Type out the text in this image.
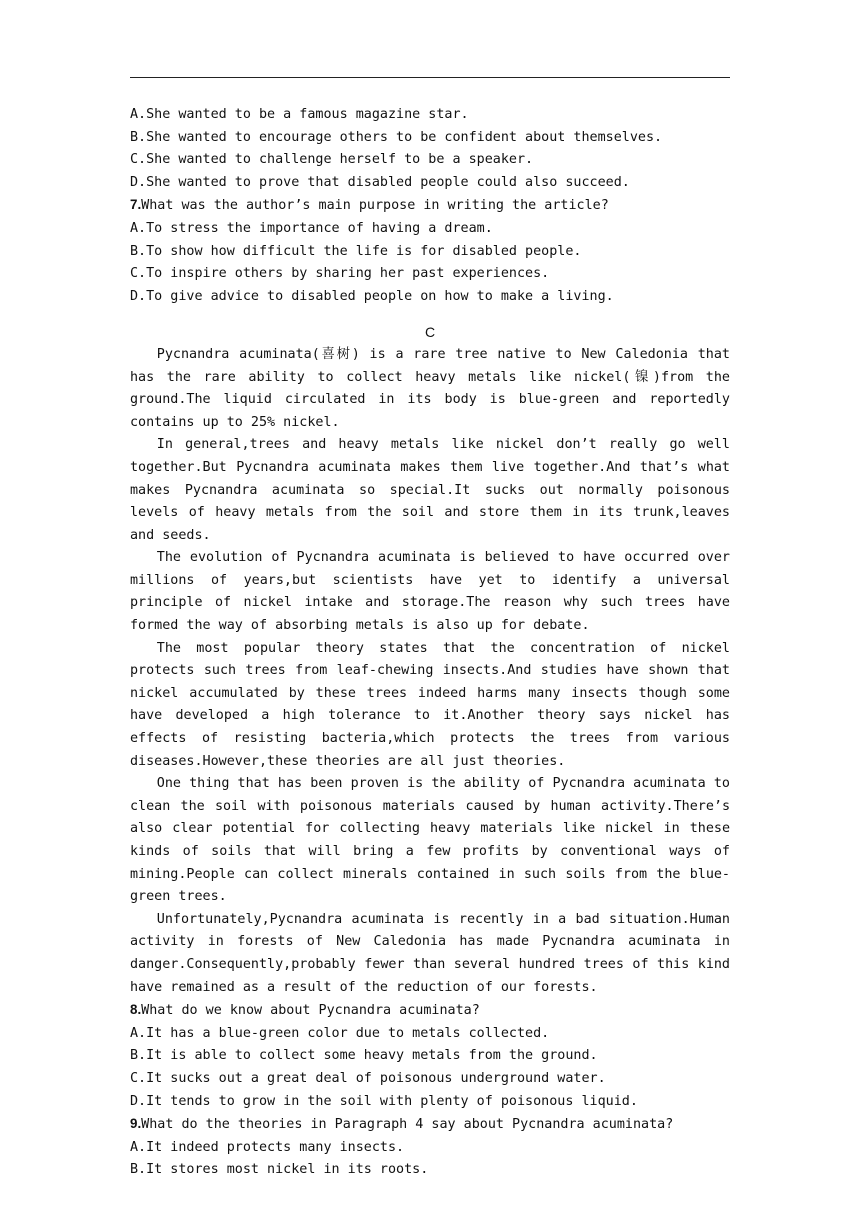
A.She wanted to be a famous magazine star.
B.She wanted to encourage others to be confident about themselves.
C.She wanted to challenge herself to be a speaker.
D.She wanted to prove that disabled people could also succeed.
7.What was the author’s main purpose in writing the article?
A.To stress the importance of having a dream.
B.To show how difficult the life is for disabled people.
C.To inspire others by sharing her past experiences.
D.To give advice to disabled people on how to make a living.
C
Pycnandra acuminata(喜树) is a rare tree native to New Caledonia that has the rare ability to collect heavy metals like nickel(镍)from the ground.The liquid circulated in its body is blue-green and reportedly contains up to 25% nickel.
In general,trees and heavy metals like nickel don’t really go well together.But Pycnandra acuminata makes them live together.And that’s what makes Pycnandra acuminata so special.It sucks out normally poisonous levels of heavy metals from the soil and store them in its trunk,leaves and seeds.
The evolution of Pycnandra acuminata is believed to have occurred over millions of years,but scientists have yet to identify a universal principle of nickel intake and storage.The reason why such trees have formed the way of absorbing metals is also up for debate.
The most popular theory states that the concentration of nickel protects such trees from leaf-chewing insects.And studies have shown that nickel accumulated by these trees indeed harms many insects though some have developed a high tolerance to it.Another theory says nickel has effects of resisting bacteria,which protects the trees from various diseases.However,these theories are all just theories.
One thing that has been proven is the ability of Pycnandra acuminata to clean the soil with poisonous materials caused by human activity.There’s also clear potential for collecting heavy materials like nickel in these kinds of soils that will bring a few profits by conventional ways of mining.People can collect minerals contained in such soils from the blue-green trees.
Unfortunately,Pycnandra acuminata is recently in a bad situation.Human activity in forests of New Caledonia has made Pycnandra acuminata in danger.Consequently,probably fewer than several hundred trees of this kind have remained as a result of the reduction of our forests.
8.What do we know about Pycnandra acuminata?
A.It has a blue-green color due to metals collected.
B.It is able to collect some heavy metals from the ground.
C.It sucks out a great deal of poisonous underground water.
D.It tends to grow in the soil with plenty of poisonous liquid.
9.What do the theories in Paragraph 4 say about Pycnandra acuminata?
A.It indeed protects many insects.
B.It stores most nickel in its roots.
